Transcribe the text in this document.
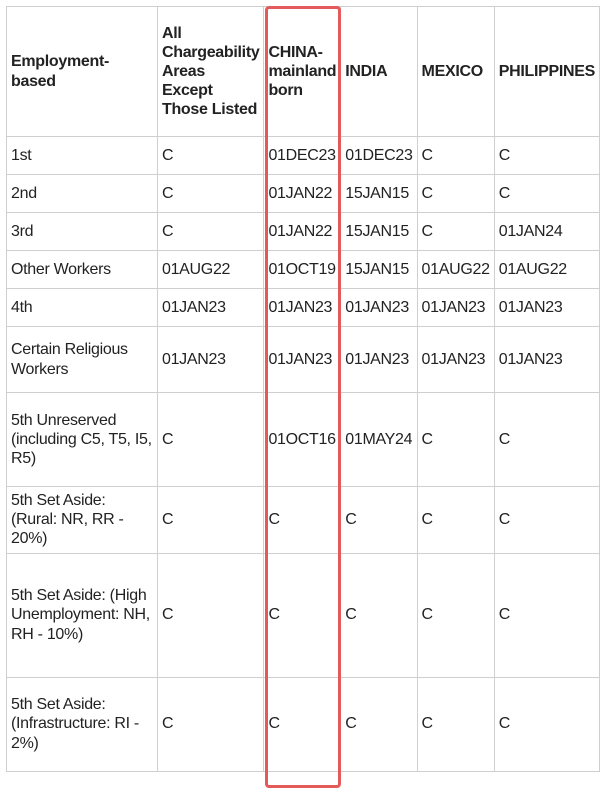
Employment-based	All Chargeability Areas Except Those Listed	CHINA-mainland born	INDIA	MEXICO	PHILIPPINES
1st	C	01DEC23	01DEC23	C	C
2nd	C	01JAN22	15JAN15	C	C
3rd	C	01JAN22	15JAN15	C	01JAN24
Other Workers	01AUG22	01OCT19	15JAN15	01AUG22	01AUG22
4th	01JAN23	01JAN23	01JAN23	01JAN23	01JAN23
Certain Religious Workers	01JAN23	01JAN23	01JAN23	01JAN23	01JAN23
5th Unreserved (including C5, T5, I5, R5)	C	01OCT16	01MAY24	C	C
5th Set Aside: (Rural: NR, RR - 20%)	C	C	C	C	C
5th Set Aside: (High Unemployment: NH, RH - 10%)	C	C	C	C	C
5th Set Aside: (Infrastructure: RI - 2%)	C	C	C	C	C
